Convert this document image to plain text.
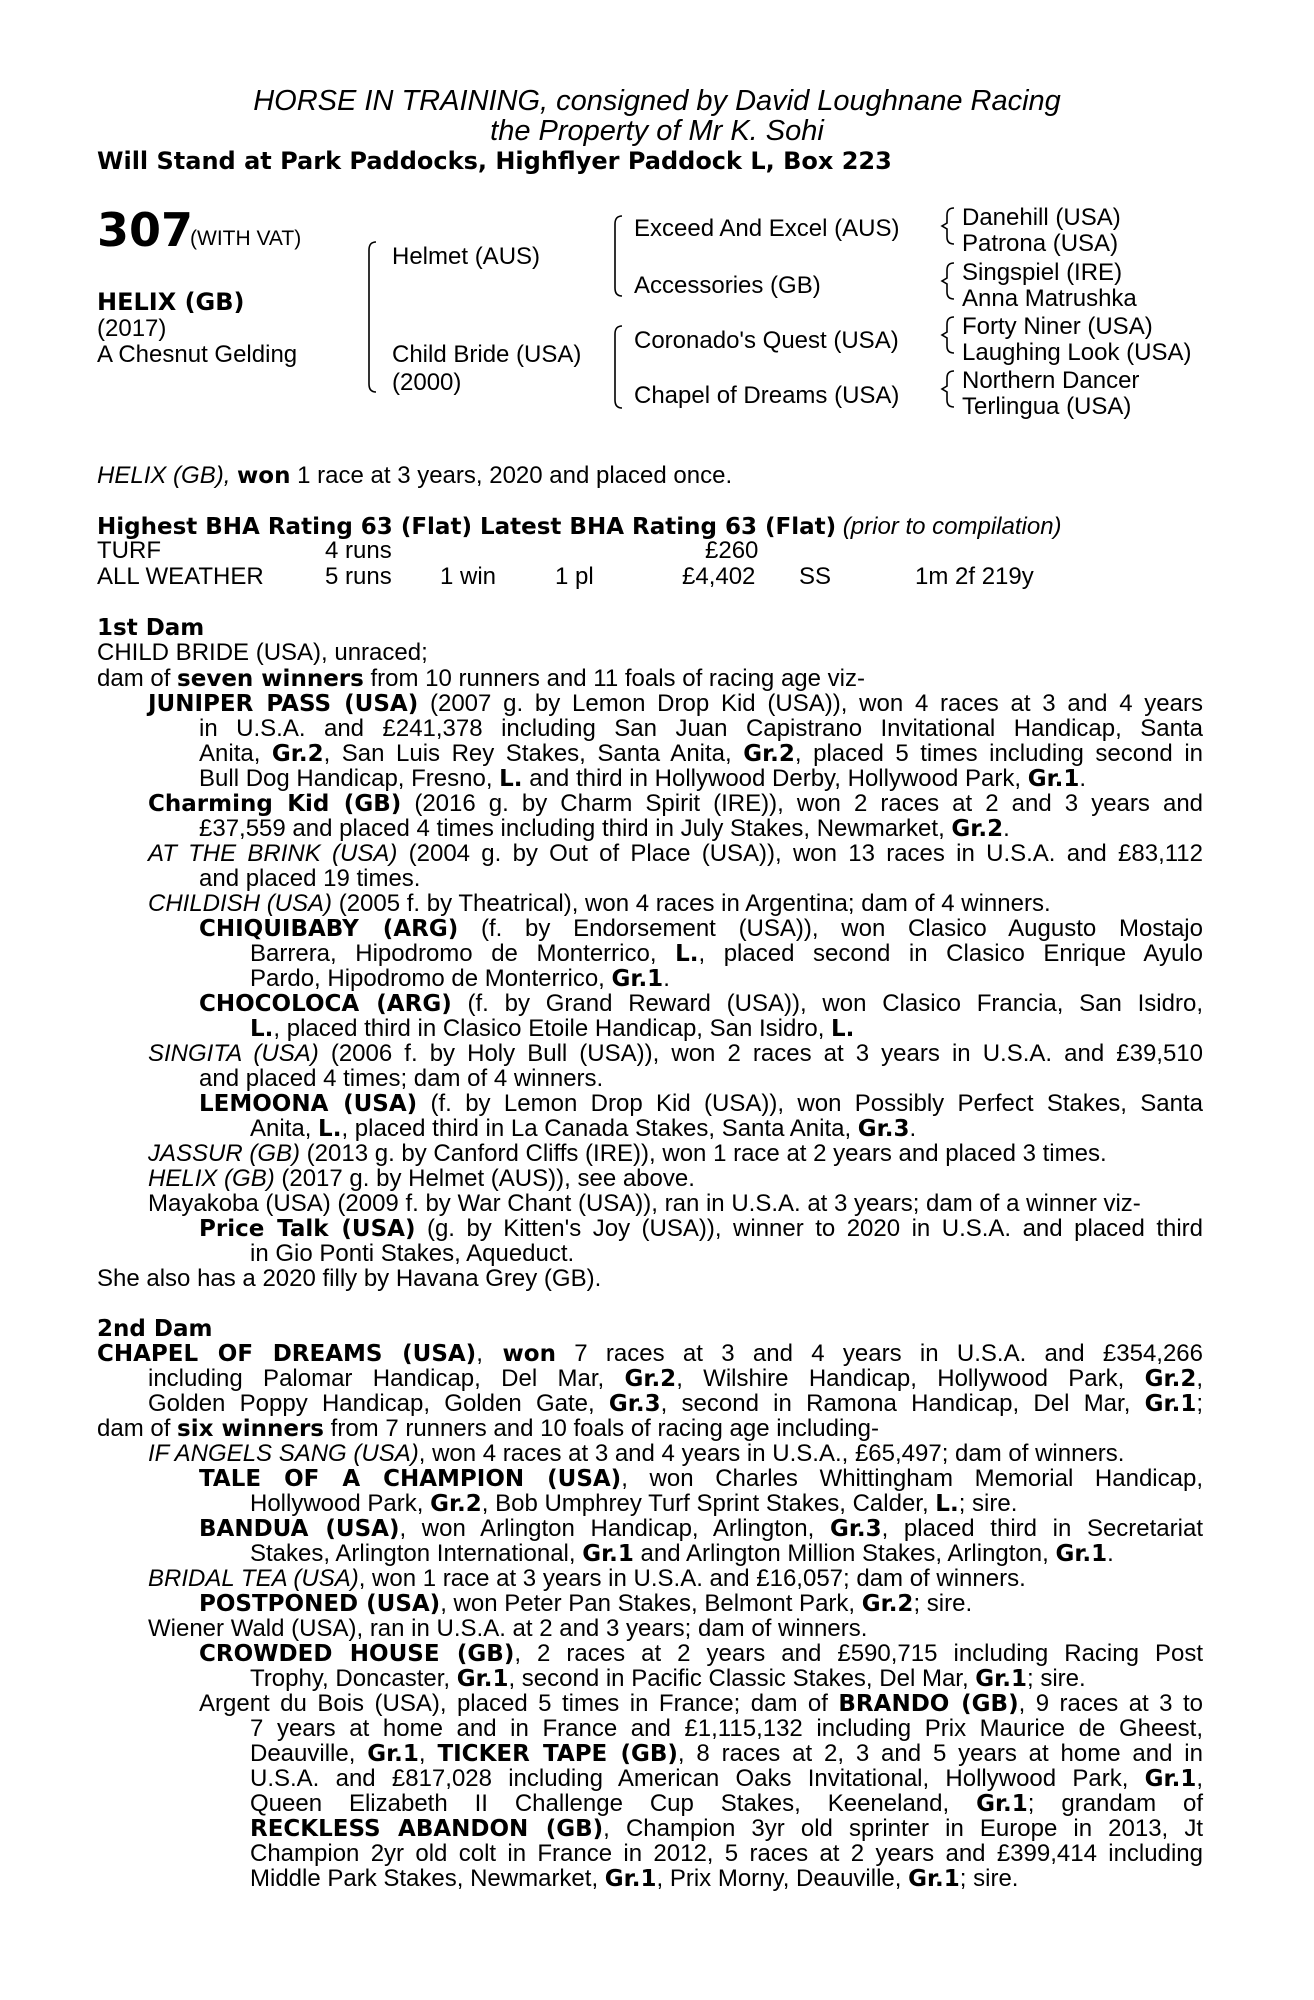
HORSE IN TRAINING, consigned by David Loughnane Racing
the Property of Mr K. Sohi
Will Stand at Park Paddocks, Highflyer Paddock L, Box 223
307
(WITH VAT)
HELIX (GB)
(2017)
A Chesnut Gelding
Helmet (AUS)
Child Bride (USA)
(2000)
Exceed And Excel (AUS)
Accessories (GB)
Coronado's Quest (USA)
Chapel of Dreams (USA)
Danehill (USA)
Patrona (USA)
Singspiel (IRE)
Anna Matrushka
Forty Niner (USA)
Laughing Look (USA)
Northern Dancer
Terlingua (USA)
HELIX (GB), won 1 race at 3 years, 2020 and placed once.
Highest BHA Rating 63 (Flat) Latest BHA Rating 63 (Flat) (prior to compilation)
TURF	4 runs	£260
ALL WEATHER	5 runs 1 win 1 pl	£4,402 SS	1m 2f 219y
1st Dam
CHILD BRIDE (USA), unraced;
dam of seven winners from 10 runners and 11 foals of racing age viz-
JUNIPER PASS (USA) (2007 g. by Lemon Drop Kid (USA)), won 4 races at 3 and 4 years
in U.S.A. and £241,378 including San Juan Capistrano Invitational Handicap, Santa
Anita, Gr.2, San Luis Rey Stakes, Santa Anita, Gr.2, placed 5 times including second in
Bull Dog Handicap, Fresno, L. and third in Hollywood Derby, Hollywood Park, Gr.1.
Charming Kid (GB) (2016 g. by Charm Spirit (IRE)), won 2 races at 2 and 3 years and
£37,559 and placed 4 times including third in July Stakes, Newmarket, Gr.2.
AT THE BRINK (USA) (2004 g. by Out of Place (USA)), won 13 races in U.S.A. and £83,112
and placed 19 times.
CHILDISH (USA) (2005 f. by Theatrical), won 4 races in Argentina; dam of 4 winners.
CHIQUIBABY (ARG) (f. by Endorsement (USA)), won Clasico Augusto Mostajo
Barrera, Hipodromo de Monterrico, L., placed second in Clasico Enrique Ayulo
Pardo, Hipodromo de Monterrico, Gr.1.
CHOCOLOCA (ARG) (f. by Grand Reward (USA)), won Clasico Francia, San Isidro,
L., placed third in Clasico Etoile Handicap, San Isidro, L.
SINGITA (USA) (2006 f. by Holy Bull (USA)), won 2 races at 3 years in U.S.A. and £39,510
and placed 4 times; dam of 4 winners.
LEMOONA (USA) (f. by Lemon Drop Kid (USA)), won Possibly Perfect Stakes, Santa
Anita, L., placed third in La Canada Stakes, Santa Anita, Gr.3.
JASSUR (GB) (2013 g. by Canford Cliffs (IRE)), won 1 race at 2 years and placed 3 times.
HELIX (GB) (2017 g. by Helmet (AUS)), see above.
Mayakoba (USA) (2009 f. by War Chant (USA)), ran in U.S.A. at 3 years; dam of a winner viz-
Price Talk (USA) (g. by Kitten's Joy (USA)), winner to 2020 in U.S.A. and placed third
in Gio Ponti Stakes, Aqueduct.
She also has a 2020 filly by Havana Grey (GB).
2nd Dam
CHAPEL OF DREAMS (USA), won 7 races at 3 and 4 years in U.S.A. and £354,266
including Palomar Handicap, Del Mar, Gr.2, Wilshire Handicap, Hollywood Park, Gr.2,
Golden Poppy Handicap, Golden Gate, Gr.3, second in Ramona Handicap, Del Mar, Gr.1;
dam of six winners from 7 runners and 10 foals of racing age including-
IF ANGELS SANG (USA), won 4 races at 3 and 4 years in U.S.A., £65,497; dam of winners.
TALE OF A CHAMPION (USA), won Charles Whittingham Memorial Handicap,
Hollywood Park, Gr.2, Bob Umphrey Turf Sprint Stakes, Calder, L.; sire.
BANDUA (USA), won Arlington Handicap, Arlington, Gr.3, placed third in Secretariat
Stakes, Arlington International, Gr.1 and Arlington Million Stakes, Arlington, Gr.1.
BRIDAL TEA (USA), won 1 race at 3 years in U.S.A. and £16,057; dam of winners.
POSTPONED (USA), won Peter Pan Stakes, Belmont Park, Gr.2; sire.
Wiener Wald (USA), ran in U.S.A. at 2 and 3 years; dam of winners.
CROWDED HOUSE (GB), 2 races at 2 years and £590,715 including Racing Post
Trophy, Doncaster, Gr.1, second in Pacific Classic Stakes, Del Mar, Gr.1; sire.
Argent du Bois (USA), placed 5 times in France; dam of BRANDO (GB), 9 races at 3 to
7 years at home and in France and £1,115,132 including Prix Maurice de Gheest,
Deauville, Gr.1, TICKER TAPE (GB), 8 races at 2, 3 and 5 years at home and in
U.S.A. and £817,028 including American Oaks Invitational, Hollywood Park, Gr.1,
Queen Elizabeth II Challenge Cup Stakes, Keeneland, Gr.1; grandam of
RECKLESS ABANDON (GB), Champion 3yr old sprinter in Europe in 2013, Jt
Champion 2yr old colt in France in 2012, 5 races at 2 years and £399,414 including
Middle Park Stakes, Newmarket, Gr.1, Prix Morny, Deauville, Gr.1; sire.
